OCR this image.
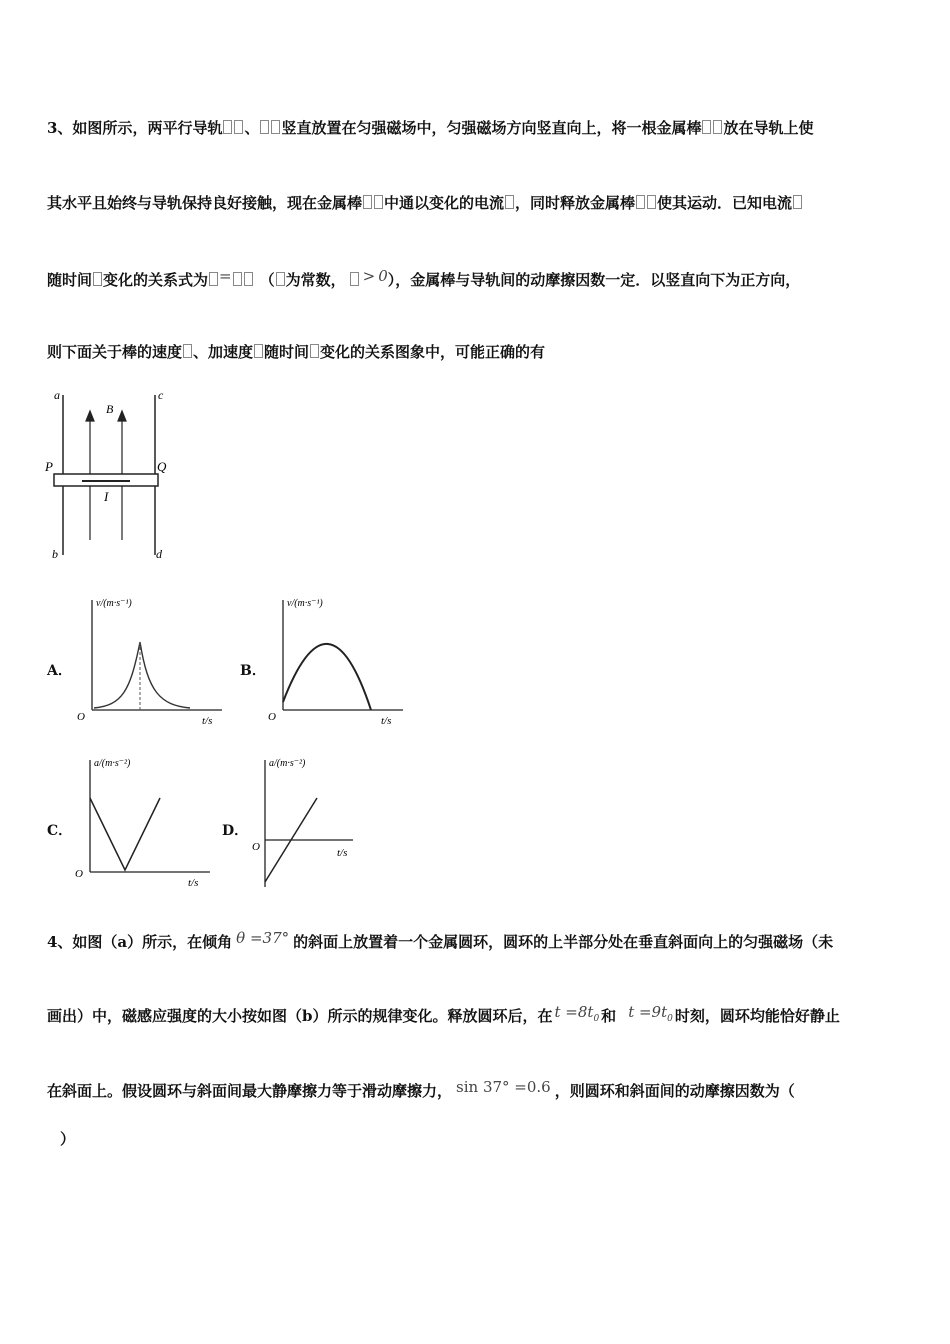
3、如图所示，两平行导轨 、 竖直放置在匀强磁场中，匀强磁场方向竖直向上，将一根金属棒 放在导轨上使
其水平且始终与导轨保持良好接触，现在金属棒 中通以变化的电流 ，同时释放金属棒 使其运动．已知电流
随时间 变化的关系式为 = （ 为常数， > 0），金属棒与导轨间的动摩擦因数一定．以竖直向下为正方向，
则下面关于棒的速度 、加速度 随时间 变化的关系图象中，可能正确的有
a	c
B
P	Q
I
b	d
A．
v/(m·s⁻¹)
O	t/s
B．
v/(m·s⁻¹)
O	t/s
C．
a/(m·s⁻²)
O
t/s
D．
a/(m·s⁻²)
O	t/s
4、如图（a）所示，在倾角 θ =37° 的斜面上放置着一个金属圆环，圆环的上半部分处在垂直斜面向上的匀强磁场（未
画出）中，磁感应强度的大小按如图（b）所示的规律变化。释放圆环后，在 $t =8t_0$ 和 $t =9t_0$ 时刻，圆环均能恰好静止
在斜面上。假设圆环与斜面间最大静摩擦力等于滑动摩擦力， sin 37° =0.6 ，则圆环和斜面间的动摩擦因数为（
）
